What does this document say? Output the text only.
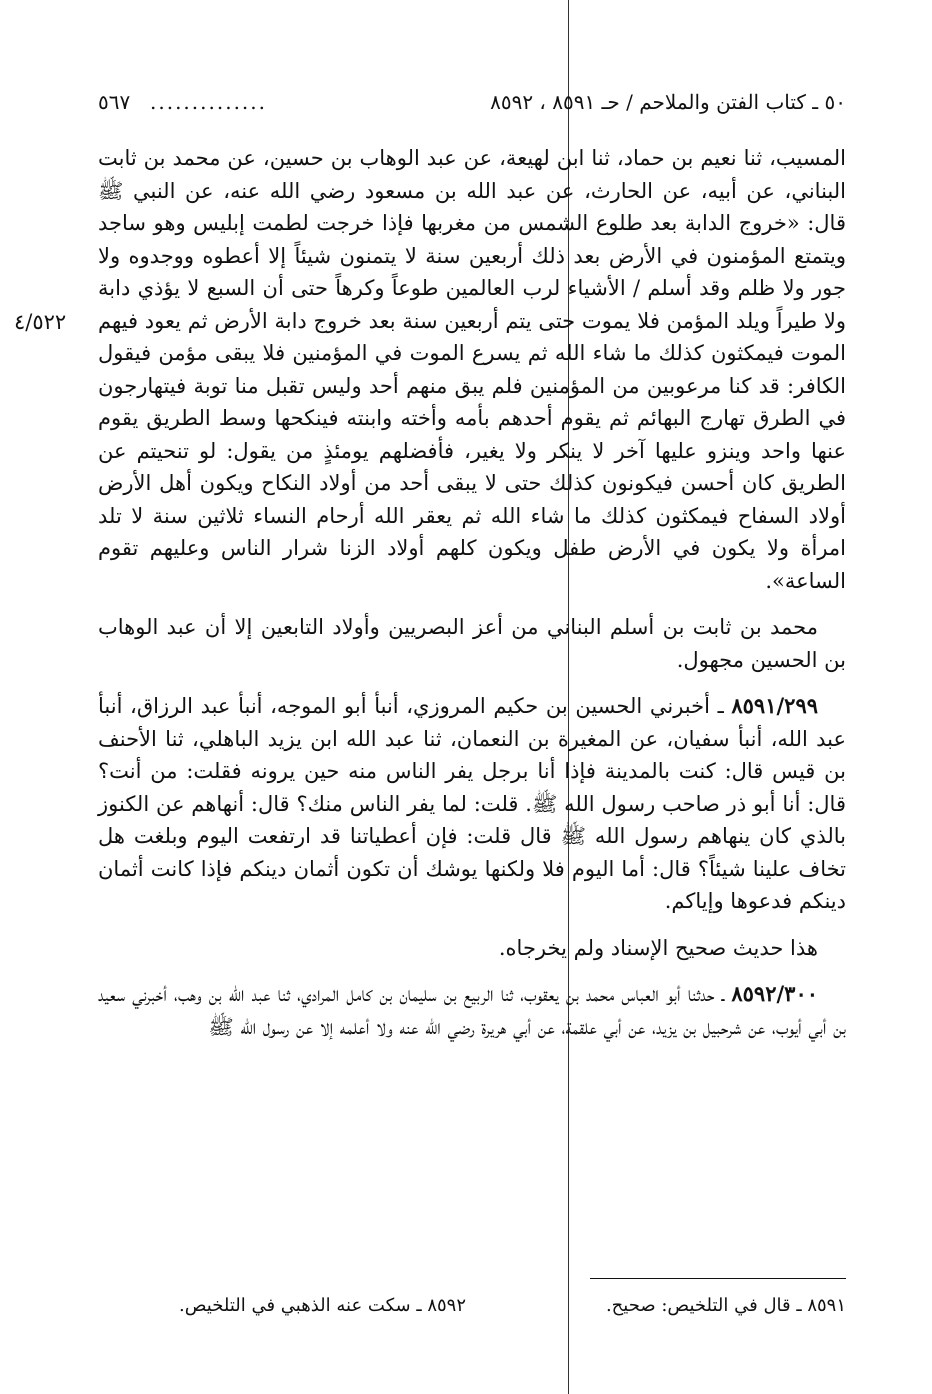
٥٠ ـ كتاب الفتن والملاحم / حـ ٨٥٩١ ، ٨٥٩٢
..............
٥٦٧
٤/٥٢٢

المسيب، ثنا نعيم بن حماد، ثنا ابن لهيعة، عن عبد الوهاب بن حسين، عن محمد بن ثابت البناني، عن أبيه، عن الحارث، عن عبد الله بن مسعود رضي الله عنه، عن النبي ﷺ قال: «خروج الدابة بعد طلوع الشمس من مغربها فإذا خرجت لطمت إبليس وهو ساجد ويتمتع المؤمنون في الأرض بعد ذلك أربعين سنة لا يتمنون شيئاً إلا أعطوه ووجدوه ولا جور ولا ظلم وقد أسلم / الأشياء لرب العالمين طوعاً وكرهاً حتى أن السبع لا يؤذي دابة ولا طيراً ويلد المؤمن فلا يموت حتى يتم أربعين سنة بعد خروج دابة الأرض ثم يعود فيهم الموت فيمكثون كذلك ما شاء الله ثم يسرع الموت في المؤمنين فلا يبقى مؤمن فيقول الكافر: قد كنا مرعوبين من المؤمنين فلم يبق منهم أحد وليس تقبل منا توبة فيتهارجون في الطرق تهارج البهائم ثم يقوم أحدهم بأمه وأخته وابنته فينكحها وسط الطريق يقوم عنها واحد وينزو عليها آخر لا ينكر ولا يغير، فأفضلهم يومئذٍ من يقول: لو تنحيتم عن الطريق كان أحسن فيكونون كذلك حتى لا يبقى أحد من أولاد النكاح ويكون أهل الأرض أولاد السفاح فيمكثون كذلك ما شاء الله ثم يعقر الله أرحام النساء ثلاثين سنة لا تلد امرأة ولا يكون في الأرض طفل ويكون كلهم أولاد الزنا شرار الناس وعليهم تقوم الساعة».

محمد بن ثابت بن أسلم البناني من أعز البصريين وأولاد التابعين إلا أن عبد الوهاب بن الحسين مجهول.

٨٥٩١/٢٩٩ ـ أخبرني الحسين بن حكيم المروزي، أنبأ أبو الموجه، أنبأ عبد الرزاق، أنبأ عبد الله، أنبأ سفيان، عن المغيرة بن النعمان، ثنا عبد الله ابن يزيد الباهلي، ثنا الأحنف بن قيس قال: كنت بالمدينة فإذا أنا برجل يفر الناس منه حين يرونه فقلت: من أنت؟ قال: أنا أبو ذر صاحب رسول الله ﷺ. قلت: لما يفر الناس منك؟ قال: أنهاهم عن الكنوز بالذي كان ينهاهم رسول الله ﷺ قال قلت: فإن أعطياتنا قد ارتفعت اليوم وبلغت هل تخاف علينا شيئاً؟ قال: أما اليوم فلا ولكنها يوشك أن تكون أثمان دينكم فإذا كانت أثمان دينكم فدعوها وإياكم.

هذا حديث صحيح الإسناد ولم يخرجاه.

٨٥٩٢/٣٠٠ ـ حدثنا أبو العباس محمد بن يعقوب، ثنا الربيع بن سليمان بن كامل المرادي، ثنا عبد الله بن وهب، أخبرني سعيد بن أبي أيوب، عن شرحبيل بن يزيد، عن أبي علقمة، عن أبي هريرة رضي الله عنه ولا أعلمه إلا عن رسول الله ﷺ

٨٥٩١ ـ قال في التلخيص: صحيح.
٨٥٩٢ ـ سكت عنه الذهبي في التلخيص.
